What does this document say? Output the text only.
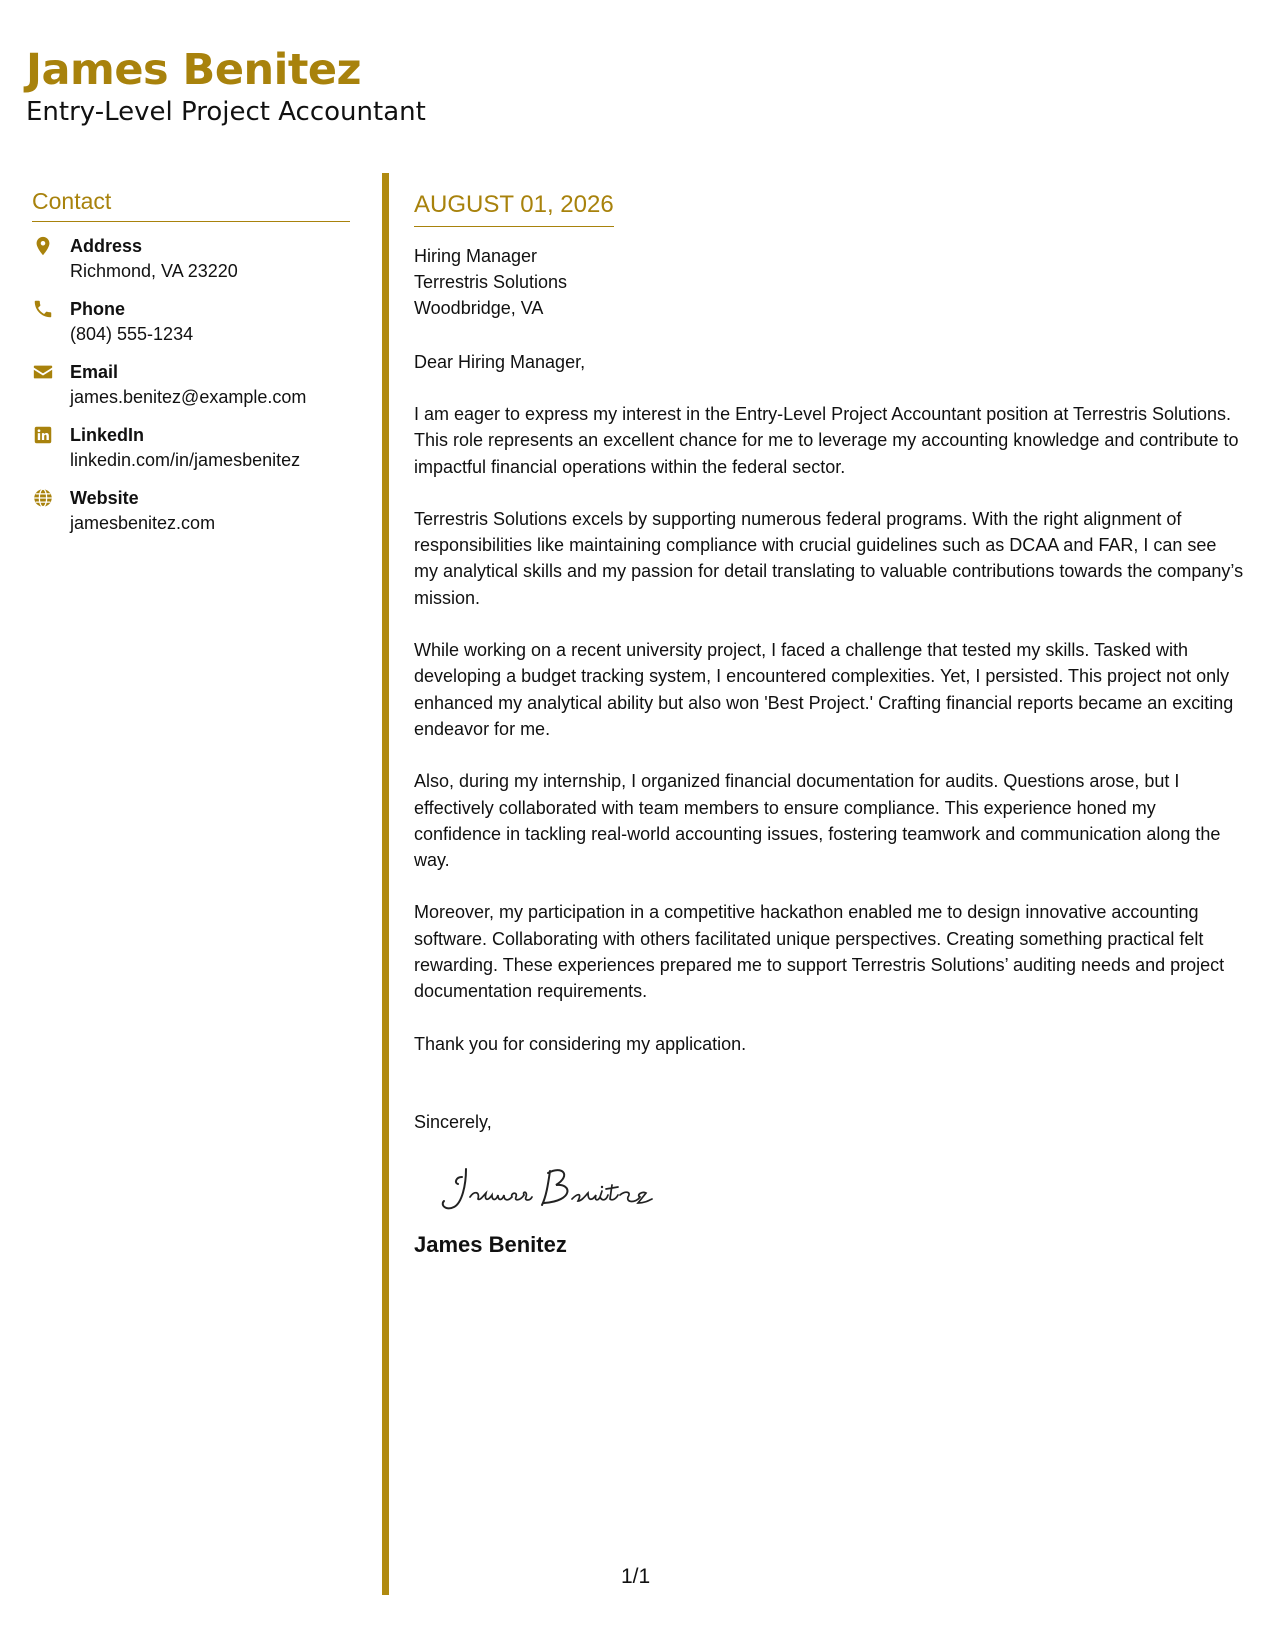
James Benitez
Entry-Level Project Accountant
Contact
Address
Richmond, VA 23220
Phone
(804) 555-1234
Email
james.benitez@example.com
LinkedIn
linkedin.com/in/jamesbenitez
Website
jamesbenitez.com
AUGUST 01, 2026
Hiring Manager
Terrestris Solutions
Woodbridge, VA

Dear Hiring Manager,

I am eager to express my interest in the Entry-Level Project Accountant position at Terrestris Solutions. This role represents an excellent chance for me to leverage my accounting knowledge and contribute to impactful financial operations within the federal sector.

Terrestris Solutions excels by supporting numerous federal programs. With the right alignment of responsibilities like maintaining compliance with crucial guidelines such as DCAA and FAR, I can see my analytical skills and my passion for detail translating to valuable contributions towards the company’s mission.

While working on a recent university project, I faced a challenge that tested my skills. Tasked with developing a budget tracking system, I encountered complexities. Yet, I persisted. This project not only enhanced my analytical ability but also won 'Best Project.' Crafting financial reports became an exciting endeavor for me.

Also, during my internship, I organized financial documentation for audits. Questions arose, but I effectively collaborated with team members to ensure compliance. This experience honed my confidence in tackling real-world accounting issues, fostering teamwork and communication along the way.

Moreover, my participation in a competitive hackathon enabled me to design innovative accounting software. Collaborating with others facilitated unique perspectives. Creating something practical felt rewarding. These experiences prepared me to support Terrestris Solutions’ auditing needs and project documentation requirements.

Thank you for considering my application.

Sincerely,

James Benitez
1/1
